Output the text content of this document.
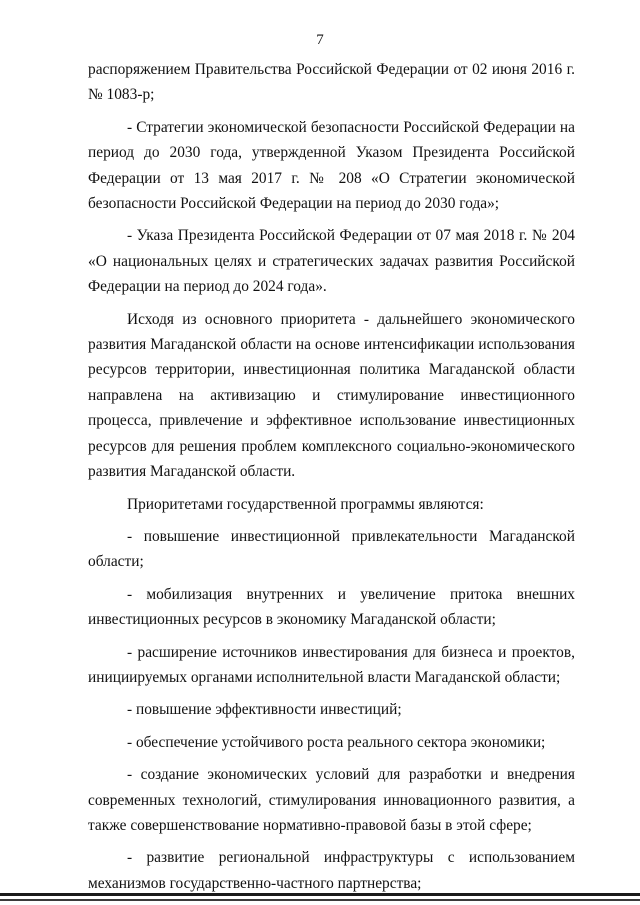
7

распоряжением Правительства Российской Федерации от 02 июня 2016 г. № 1083-р;

- Стратегии экономической безопасности Российской Федерации на период до 2030 года, утвержденной Указом Президента Российской Федерации от 13 мая 2017 г. № 208 «О Стратегии экономической безопасности Российской Федерации на период до 2030 года»;

- Указа Президента Российской Федерации от 07 мая 2018 г. № 204 «О национальных целях и стратегических задачах развития Российской Федерации на период до 2024 года».

Исходя из основного приоритета - дальнейшего экономического развития Магаданской области на основе интенсификации использования ресурсов территории, инвестиционная политика Магаданской области направлена на активизацию и стимулирование инвестиционного процесса, привлечение и эффективное использование инвестиционных ресурсов для решения проблем комплексного социально-экономического развития Магаданской области.

Приоритетами государственной программы являются:

- повышение инвестиционной привлекательности Магаданской области;

- мобилизация внутренних и увеличение притока внешних инвестиционных ресурсов в экономику Магаданской области;

- расширение источников инвестирования для бизнеса и проектов, инициируемых органами исполнительной власти Магаданской области;

- повышение эффективности инвестиций;

- обеспечение устойчивого роста реального сектора экономики;

- создание экономических условий для разработки и внедрения современных технологий, стимулирования инновационного развития, а также совершенствование нормативно-правовой базы в этой сфере;

- развитие региональной инфраструктуры с использованием механизмов государственно-частного партнерства;
